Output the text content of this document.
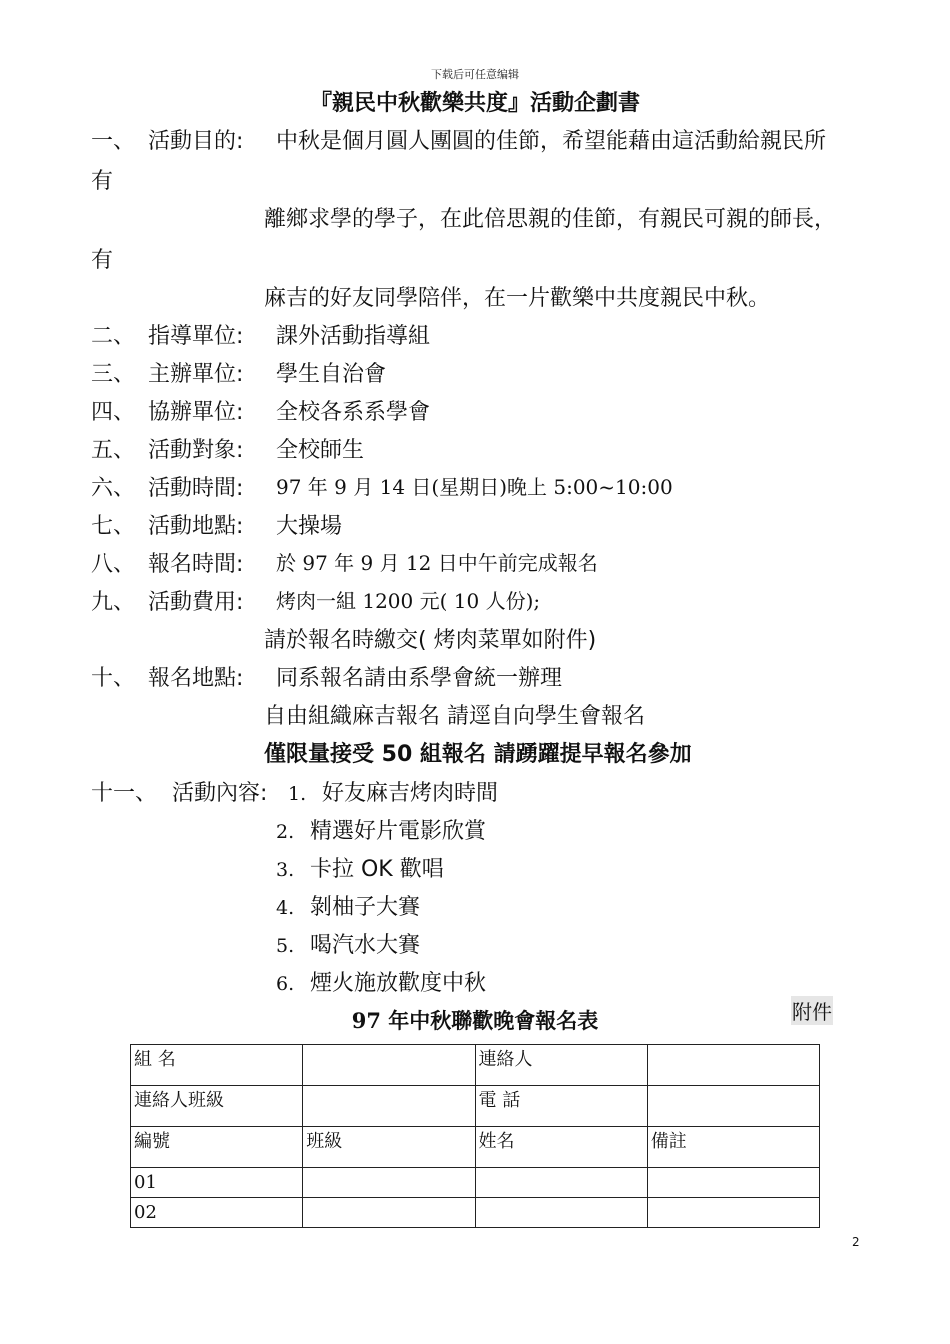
下载后可任意编辑
『親民中秋歡樂共度』活動企劃書
一、 活動目的: 中秋是個月圓人團圓的佳節，希望能藉由這活動給親民所
有
離鄉求學的學子，在此倍思親的佳節，有親民可親的師長，
有
麻吉的好友同學陪伴，在一片歡樂中共度親民中秋。
二、 指導單位: 課外活動指導組
三、 主辦單位: 學生自治會
四、 協辦單位: 全校各系系學會
五、 活動對象: 全校師生
六、 活動時間: 97 年 9 月 14 日(星期日)晚上 5:00~10:00
七、 活動地點: 大操場
八、 報名時間: 於 97 年 9 月 12 日中午前完成報名
九、 活動費用: 烤肉一組 1200 元( 10 人份);
請於報名時繳交( 烤肉菜單如附件)
十、 報名地點: 同系報名請由系學會統一辦理
自由組織麻吉報名 請逕自向學生會報名
僅限量接受 50 組報名 請踴躍提早報名參加
十一、 活動內容: 1. 好友麻吉烤肉時間
2. 精選好片電影欣賞
3. 卡拉 OK 歡唱
4. 剝柚子大賽
5. 喝汽水大賽
6. 煙火施放歡度中秋
附件
97 年中秋聯歡晚會報名表
組 名		連絡人	
連絡人班級		電 話	
編號	班級	姓名	備註
01			
02			
2
